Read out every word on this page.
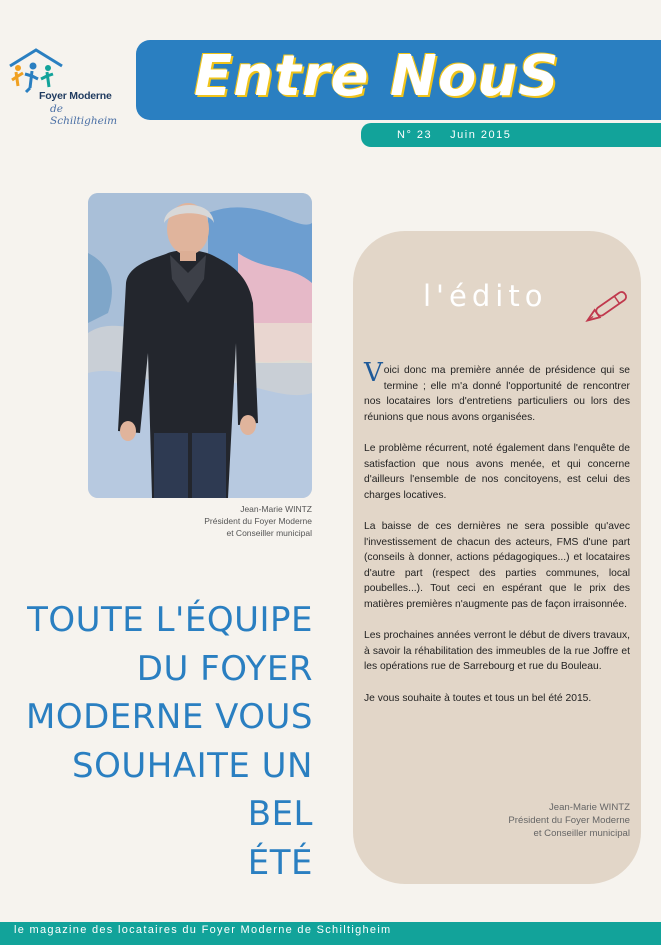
Foyer Moderne
de Schiltigheim
Entre NouS
N° 23 Juin 2015
Jean-Marie WINTZ
Président du Foyer Moderne
et Conseiller municipal
TOUTE L'ÉQUIPE
DU FOYER
MODERNE VOUS
SOUHAITE UN BEL
ÉTÉ
l'édito

Voici donc ma première année de présidence qui se termine ; elle m'a donné l'opportunité de rencontrer nos locataires lors d'entretiens particuliers ou lors des réunions que nous avons organisées.

Le problème récurrent, noté également dans l'enquête de satisfaction que nous avons menée, et qui concerne d'ailleurs l'ensemble de nos concitoyens, est celui des charges locatives.

La baisse de ces dernières ne sera possible qu'avec l'investissement de chacun des acteurs, FMS d'une part (conseils à donner, actions pédagogiques...) et locataires d'autre part (respect des parties communes, local poubelles...). Tout ceci en espérant que le prix des matières premières n'augmente pas de façon irraisonnée.

Les prochaines années verront le début de divers travaux, à savoir la réhabilitation des immeubles de la rue Joffre et les opérations rue de Sarrebourg et rue du Bouleau.

Je vous souhaite à toutes et tous un bel été 2015.

Jean-Marie WINTZ
Président du Foyer Moderne
et Conseiller municipal
le magazine des locataires du Foyer Moderne de Schiltigheim
